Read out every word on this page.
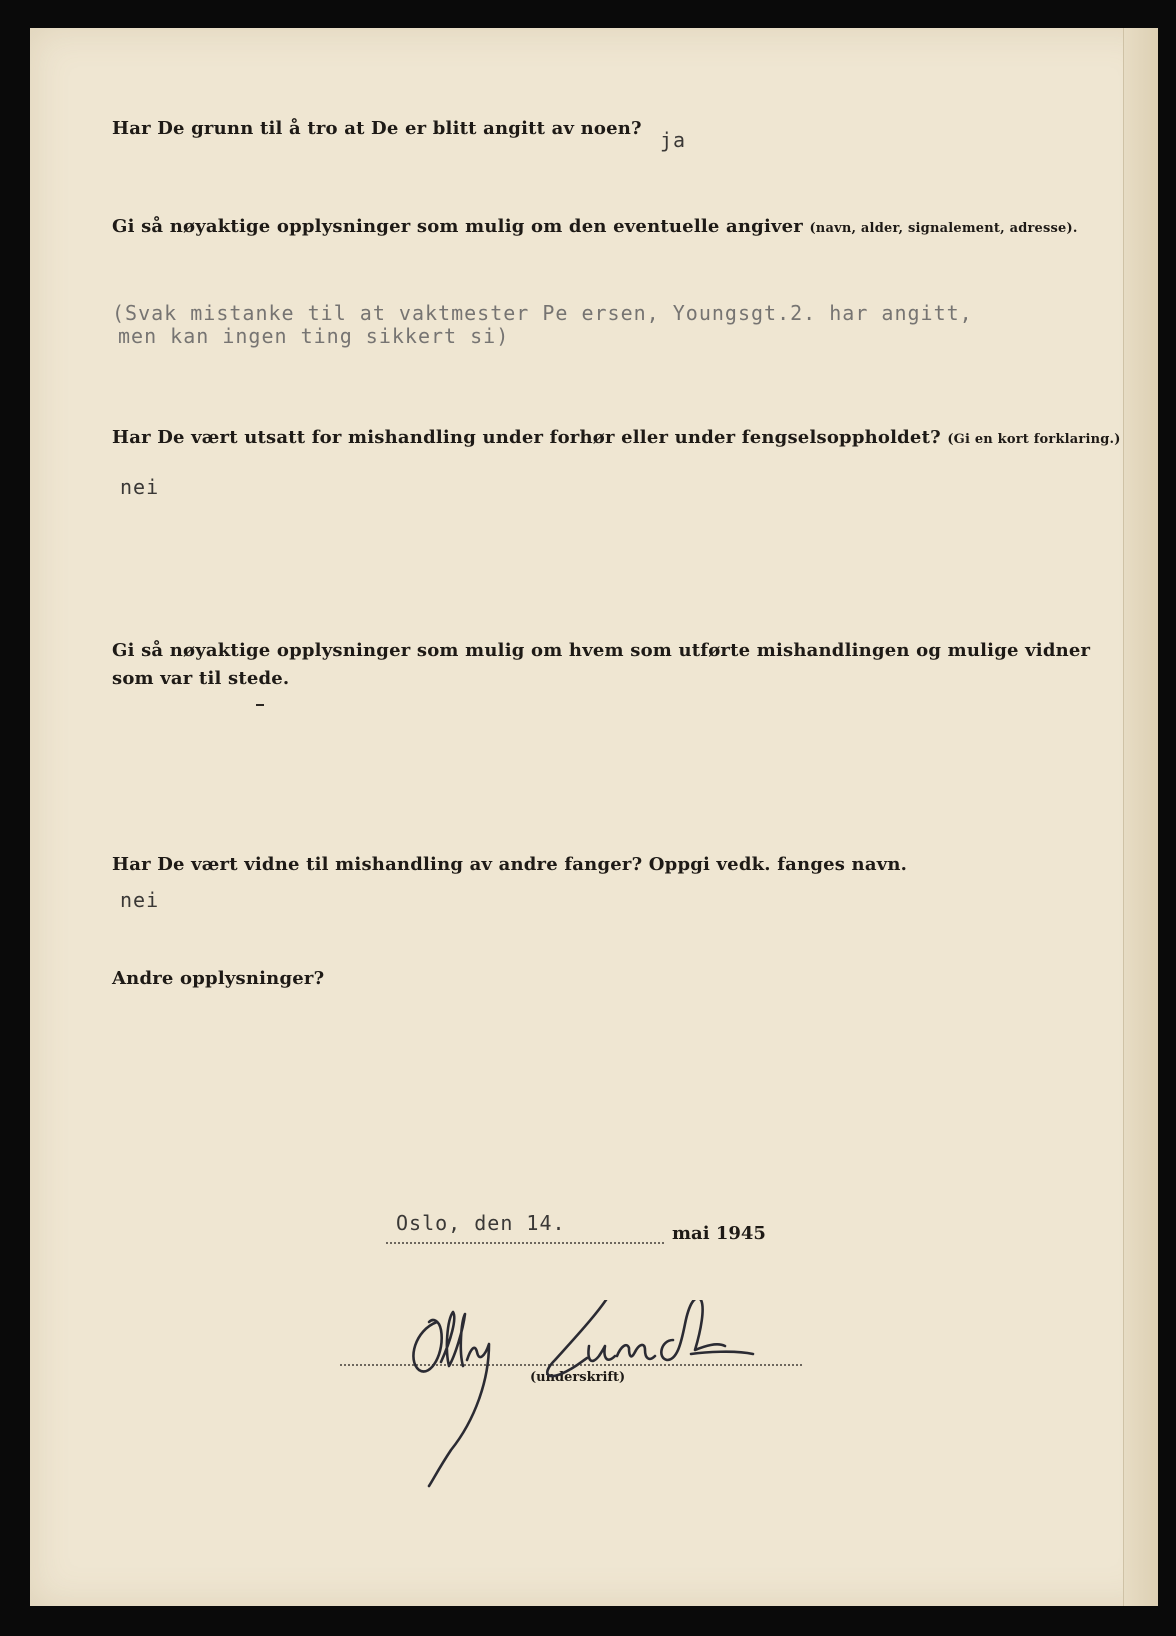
Har De grunn til å tro at De er blitt angitt av noen? ja

Gi så nøyaktige opplysninger som mulig om den eventuelle angiver (navn, alder, signalement, adresse).

(Svak mistanke til at vaktmester Pe ersen, Youngsgt.2. har angitt,

men kan ingen ting sikkert si)

Har De vært utsatt for mishandling under forhør eller under fengselsoppholdet? (Gi en kort forklaring.)

nei

Gi så nøyaktige opplysninger som mulig om hvem som utførte mishandlingen og mulige vidner

som var til stede.

Har De vært vidne til mishandling av andre fanger? Oppgi vedk. fanges navn.

nei

Andre opplysninger?

Oslo, den 14.	mai 1945
(underskrift)
